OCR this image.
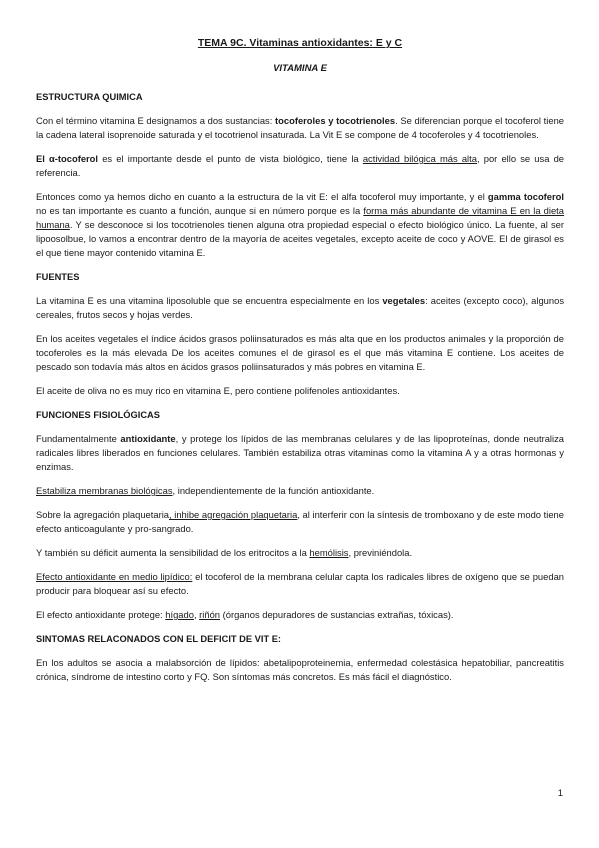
TEMA 9C. Vitaminas antioxidantes: E y C
VITAMINA E
ESTRUCTURA QUIMICA

Con el término vitamina E designamos a dos sustancias: tocoferoles y tocotrienoles. Se diferencian porque el tocoferol tiene la cadena lateral isoprenoide saturada y el tocotrienol insaturada. La Vit E se compone de 4 tocoferoles y 4 tocotrienoles.

El α-tocoferol es el importante desde el punto de vista biológico, tiene la actividad bilógica más alta, por ello se usa de referencia.

Entonces como ya hemos dicho en cuanto a la estructura de la vit E: el alfa tocoferol muy importante, y el gamma tocoferol no es tan importante es cuanto a función, aunque si en número porque es la forma más abundante de vitamina E en la dieta humana. Y se desconoce si los tocotrienoles tienen alguna otra propiedad especial o efecto biológico único. La fuente, al ser lipoosolbue, lo vamos a encontrar dentro de la mayoría de aceites vegetales, excepto aceite de coco y AOVE. El de girasol es el que tiene mayor contenido vitamina E.

FUENTES

La vitamina E es una vitamina liposoluble que se encuentra especialmente en los vegetales: aceites (excepto coco), algunos cereales, frutos secos y hojas verdes.

En los aceites vegetales el índice ácidos grasos poliinsaturados es más alta que en los productos animales y la proporción de tocoferoles es la más elevada De los aceites comunes el de girasol es el que más vitamina E contiene. Los aceites de pescado son todavía más altos en ácidos grasos poliinsaturados y más pobres en vitamina E.

El aceite de oliva no es muy rico en vitamina E, pero contiene polifenoles antioxidantes.

FUNCIONES FISIOLÓGICAS

Fundamentalmente antioxidante, y protege los lípidos de las membranas celulares y de las lipoproteínas, donde neutraliza radicales libres liberados en funciones celulares. También estabiliza otras vitaminas como la vitamina A y a otras hormonas y enzimas.

Estabiliza membranas biológicas, independientemente de la función antioxidante.

Sobre la agregación plaquetaria, inhibe agregación plaquetaria, al interferir con la síntesis de tromboxano y de este modo tiene efecto anticoagulante y pro-sangrado.

Y también su déficit aumenta la sensibilidad de los eritrocitos a la hemólisis, previniéndola.

Efecto antioxidante en medio lipídico: el tocoferol de la membrana celular capta los radicales libres de oxígeno que se puedan producir para bloquear así su efecto.

El efecto antioxidante protege: hígado, riñón (órganos depuradores de sustancias extrañas, tóxicas).

SINTOMAS RELACONADOS CON EL DEFICIT DE VIT E:

En los adultos se asocia a malabsorción de lípidos: abetalipoproteinemia, enfermedad colestásica hepatobiliar, pancreatitis crónica, síndrome de intestino corto y FQ. Son síntomas más concretos. Es más fácil el diagnóstico.

1
